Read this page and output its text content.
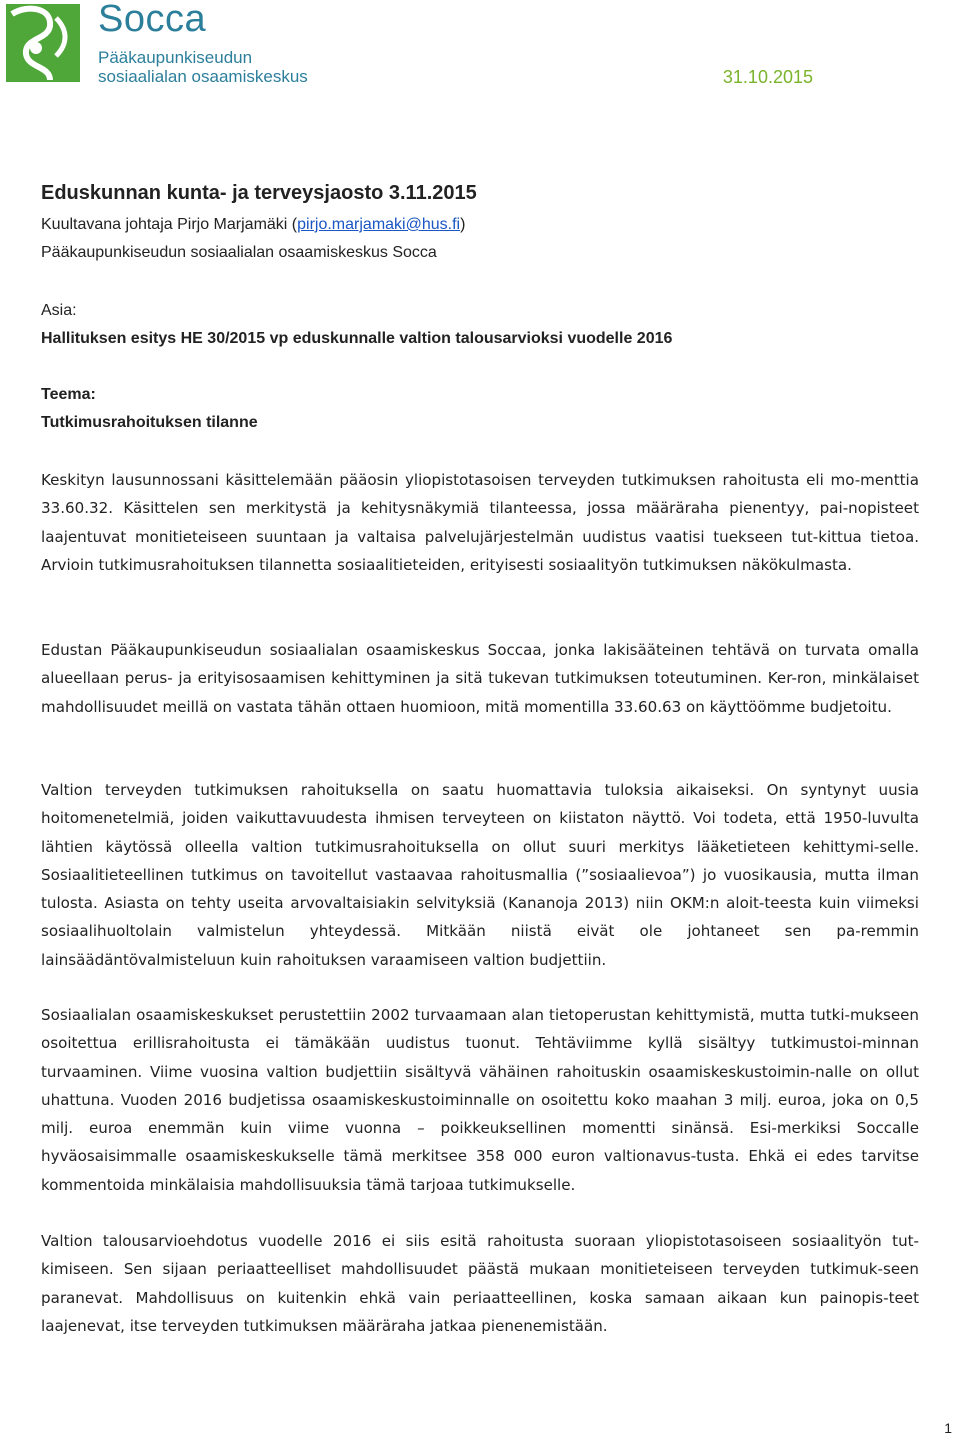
Socca
Pääkaupunkiseudun
sosiaalialan osaamiskeskus	31.10.2015
Eduskunnan kunta- ja terveysjaosto 3.11.2015
Kuultavana johtaja Pirjo Marjamäki (pirjo.marjamaki@hus.fi)
Pääkaupunkiseudun sosiaalialan osaamiskeskus Socca
Asia:
Hallituksen esitys HE 30/2015 vp eduskunnalle valtion talousarvioksi vuodelle 2016
Teema:
Tutkimusrahoituksen tilanne

Keskityn lausunnossani käsittelemään pääosin yliopistotasoisen terveyden tutkimuksen rahoitusta eli mo-menttia 33.60.32. Käsittelen sen merkitystä ja kehitysnäkymiä tilanteessa, jossa määräraha pienentyy, pai-nopisteet laajentuvat monitieteiseen suuntaan ja valtaisa palvelujärjestelmän uudistus vaatisi tuekseen tut-kittua tietoa. Arvioin tutkimusrahoituksen tilannetta sosiaalitieteiden, erityisesti sosiaalityön tutkimuksen näkökulmasta.

Edustan Pääkaupunkiseudun sosiaalialan osaamiskeskus Soccaa, jonka lakisääteinen tehtävä on turvata omalla alueellaan perus- ja erityisosaamisen kehittyminen ja sitä tukevan tutkimuksen toteutuminen. Ker-ron, minkälaiset mahdollisuudet meillä on vastata tähän ottaen huomioon, mitä momentilla 33.60.63 on käyttöömme budjetoitu.

Valtion terveyden tutkimuksen rahoituksella on saatu huomattavia tuloksia aikaiseksi. On syntynyt uusia hoitomenetelmiä, joiden vaikuttavuudesta ihmisen terveyteen on kiistaton näyttö. Voi todeta, että 1950-luvulta lähtien käytössä olleella valtion tutkimusrahoituksella on ollut suuri merkitys lääketieteen kehittymi-selle. Sosiaalitieteellinen tutkimus on tavoitellut vastaavaa rahoitusmallia (”sosiaalievoa”) jo vuosikausia, mutta ilman tulosta. Asiasta on tehty useita arvovaltaisiakin selvityksiä (Kananoja 2013) niin OKM:n aloit-teesta kuin viimeksi sosiaalihuoltolain valmistelun yhteydessä. Mitkään niistä eivät ole johtaneet sen pa-remmin lainsäädäntövalmisteluun kuin rahoituksen varaamiseen valtion budjettiin.

Sosiaalialan osaamiskeskukset perustettiin 2002 turvaamaan alan tietoperustan kehittymistä, mutta tutki-mukseen osoitettua erillisrahoitusta ei tämäkään uudistus tuonut. Tehtäviimme kyllä sisältyy tutkimustoi-minnan turvaaminen. Viime vuosina valtion budjettiin sisältyvä vähäinen rahoituskin osaamiskeskustoimin-nalle on ollut uhattuna. Vuoden 2016 budjetissa osaamiskeskustoiminnalle on osoitettu koko maahan 3 milj. euroa, joka on 0,5 milj. euroa enemmän kuin viime vuonna – poikkeuksellinen momentti sinänsä. Esi-merkiksi Soccalle hyväosaisimmalle osaamiskeskukselle tämä merkitsee 358 000 euron valtionavus-tusta. Ehkä ei edes tarvitse kommentoida minkälaisia mahdollisuuksia tämä tarjoaa tutkimukselle.

Valtion talousarvioehdotus vuodelle 2016 ei siis esitä rahoitusta suoraan yliopistotasoiseen sosiaalityön tut-kimiseen. Sen sijaan periaatteelliset mahdollisuudet päästä mukaan monitieteiseen terveyden tutkimuk-seen paranevat. Mahdollisuus on kuitenkin ehkä vain periaatteellinen, koska samaan aikaan kun painopis-teet laajenevat, itse terveyden tutkimuksen määräraha jatkaa pienenemistään.

1
